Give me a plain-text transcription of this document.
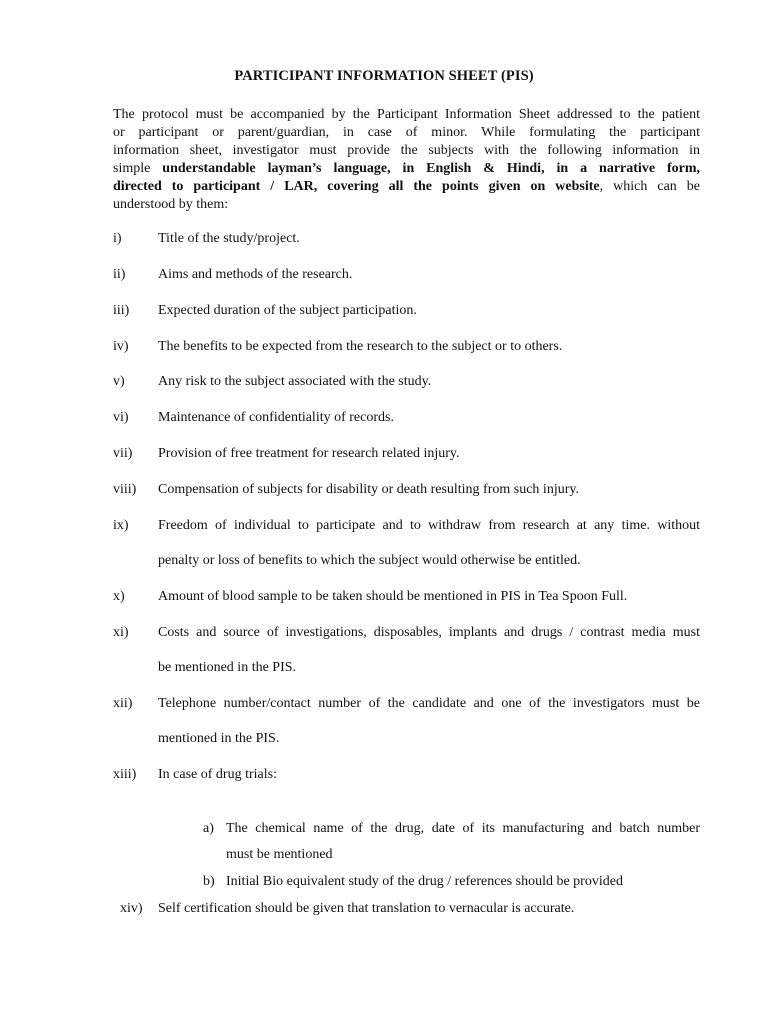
PARTICIPANT INFORMATION SHEET (PIS)
The protocol must be accompanied by the Participant Information Sheet addressed to the patient
or participant or parent/guardian, in case of minor. While formulating the participant
information sheet, investigator must provide the subjects with the following information in
simple understandable layman’s language, in English & Hindi, in a narrative form,
directed to participant / LAR, covering all the points given on website, which can be
understood by them:
i)	Title of the study/project.
ii) Aims and methods of the research.
iii) Expected duration of the subject participation.
iv) The benefits to be expected from the research to the subject or to others.
v) Any risk to the subject associated with the study.
vi) Maintenance of confidentiality of records.
vii) Provision of free treatment for research related injury.
viii) Compensation of subjects for disability or death resulting from such injury.
ix) Freedom of individual to participate and to withdraw from research at any time. without
penalty or loss of benefits to which the subject would otherwise be entitled.
x) Amount of blood sample to be taken should be mentioned in PIS in Tea Spoon Full.
xi) Costs and source of investigations, disposables, implants and drugs / contrast media must
be mentioned in the PIS.
xii) Telephone number/contact number of the candidate and one of the investigators must be
mentioned in the PIS.
xiii) In case of drug trials:
a) The chemical name of the drug, date of its manufacturing and batch number
must be mentioned
b) Initial Bio equivalent study of the drug / references should be provided
xiv) Self certification should be given that translation to vernacular is accurate.
